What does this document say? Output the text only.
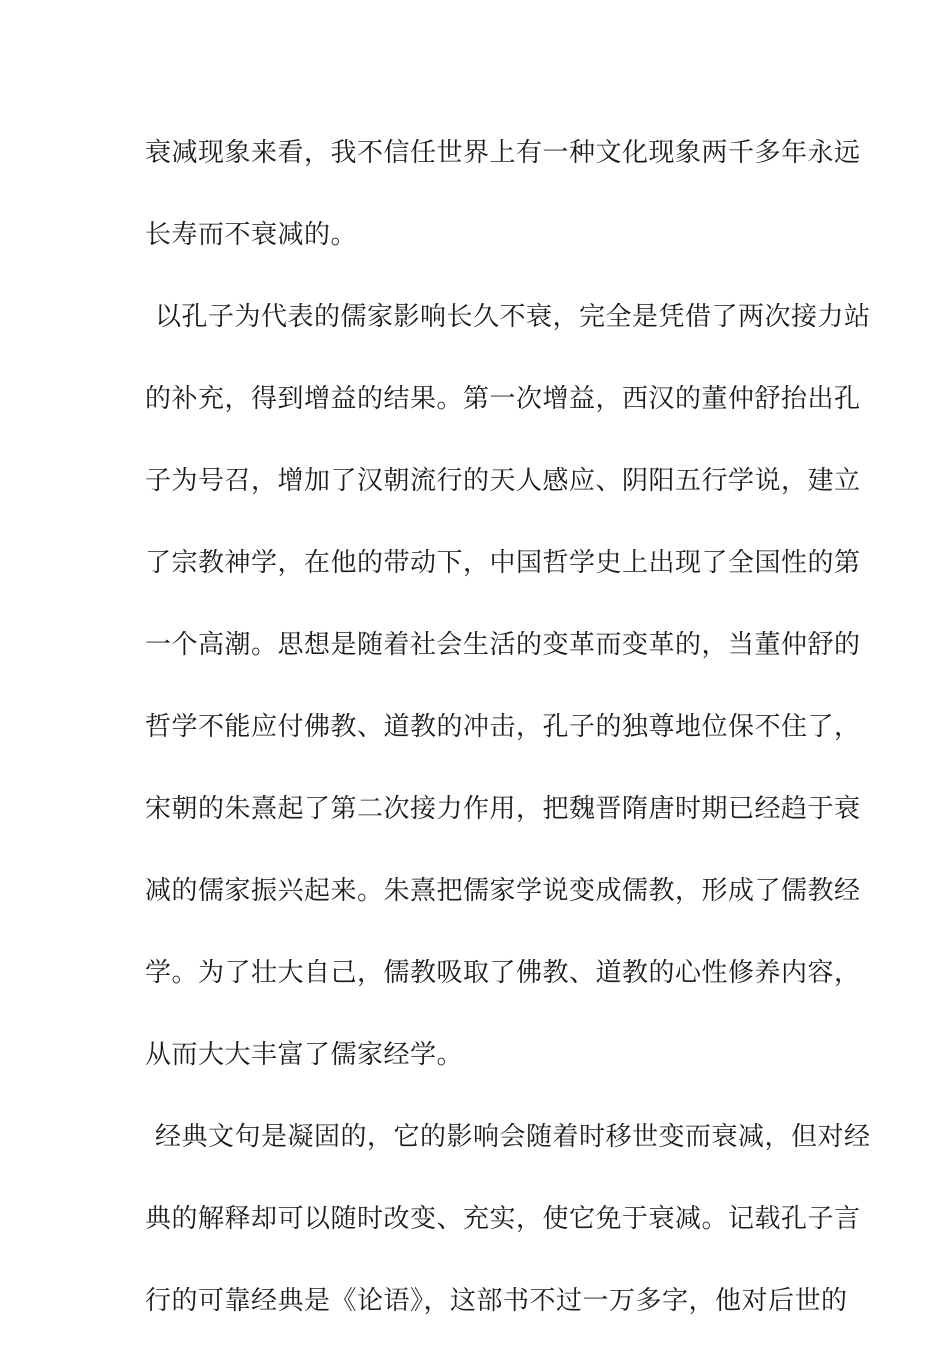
衰减现象来看，我不信任世界上有一种文化现象两千多年永远
长寿而不衰减的。
以孔子为代表的儒家影响长久不衰，完全是凭借了两次接力站
的补充，得到增益的结果。第一次增益，西汉的董仲舒抬出孔
子为号召，增加了汉朝流行的天人感应、阴阳五行学说，建立
了宗教神学，在他的带动下，中国哲学史上出现了全国性的第
一个高潮。思想是随着社会生活的变革而变革的，当董仲舒的
哲学不能应付佛教、道教的冲击，孔子的独尊地位保不住了，
宋朝的朱熹起了第二次接力作用，把魏晋隋唐时期已经趋于衰
减的儒家振兴起来。朱熹把儒家学说变成儒教，形成了儒教经
学。为了壮大自己，儒教吸取了佛教、道教的心性修养内容，
从而大大丰富了儒家经学。
经典文句是凝固的，它的影响会随着时移世变而衰减，但对经
典的解释却可以随时改变、充实，使它免于衰减。记载孔子言
行的可靠经典是《论语》，这部书不过一万多字，他对后世的
